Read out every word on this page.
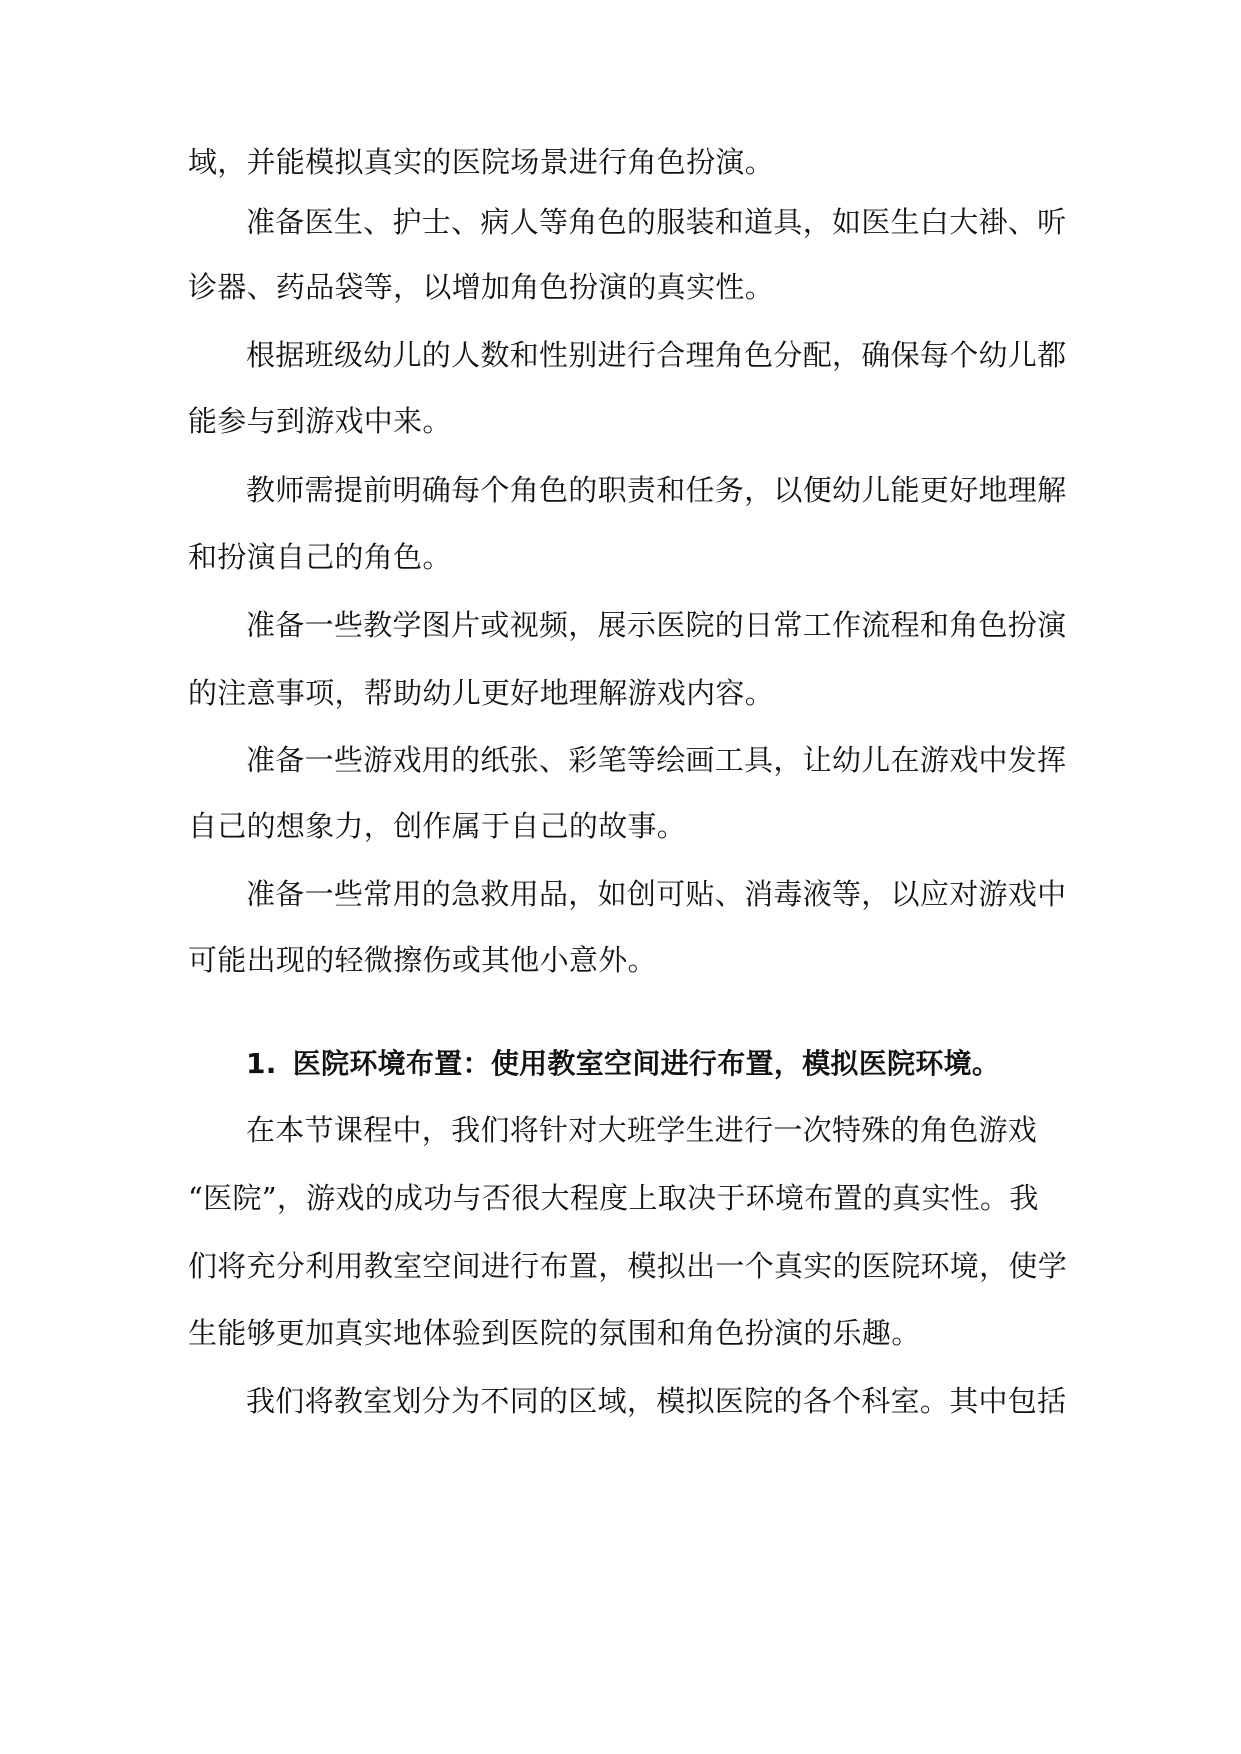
域，并能模拟真实的医院场景进行角色扮演。
准备医生、护士、病人等角色的服装和道具，如医生白大褂、听
诊器、药品袋等，以增加角色扮演的真实性。
根据班级幼儿的人数和性别进行合理角色分配，确保每个幼儿都
能参与到游戏中来。
教师需提前明确每个角色的职责和任务，以便幼儿能更好地理解
和扮演自己的角色。
准备一些教学图片或视频，展示医院的日常工作流程和角色扮演
的注意事项，帮助幼儿更好地理解游戏内容。
准备一些游戏用的纸张、彩笔等绘画工具，让幼儿在游戏中发挥
自己的想象力，创作属于自己的故事。
准备一些常用的急救用品，如创可贴、消毒液等，以应对游戏中
可能出现的轻微擦伤或其他小意外。
1. 医院环境布置：使用教室空间进行布置，模拟医院环境。
在本节课程中，我们将针对大班学生进行一次特殊的角色游戏
“医院”，游戏的成功与否很大程度上取决于环境布置的真实性。我
们将充分利用教室空间进行布置，模拟出一个真实的医院环境，使学
生能够更加真实地体验到医院的氛围和角色扮演的乐趣。
我们将教室划分为不同的区域，模拟医院的各个科室。其中包括
